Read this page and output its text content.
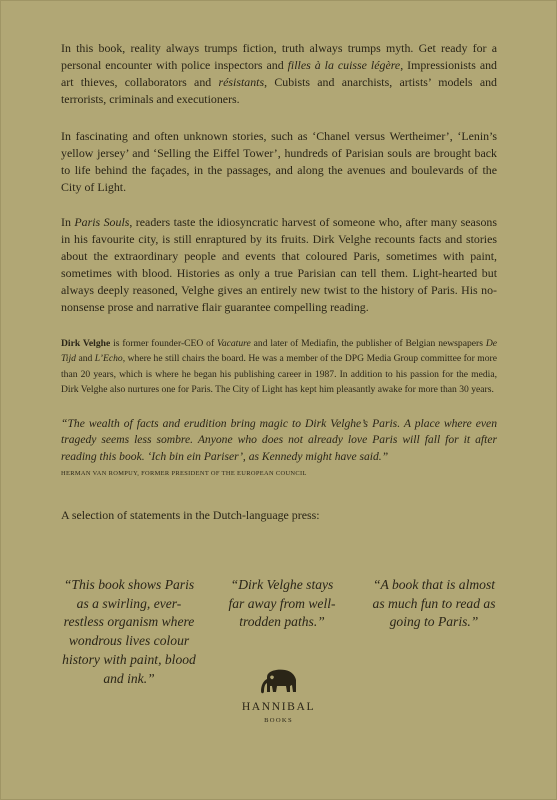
In this book, reality always trumps fiction, truth always trumps myth. Get ready for a personal encounter with police inspectors and filles à la cuisse légère, Impressionists and art thieves, collaborators and résistants, Cubists and anarchists, artists’ models and terrorists, criminals and executioners.

In fascinating and often unknown stories, such as ‘Chanel versus Wertheimer’, ‘Lenin’s yellow jersey’ and ‘Selling the Eiffel Tower’, hundreds of Parisian souls are brought back to life behind the façades, in the passages, and along the avenues and boulevards of the City of Light.

In Paris Souls, readers taste the idiosyncratic harvest of someone who, after many seasons in his favourite city, is still enraptured by its fruits. Dirk Velghe recounts facts and stories about the extraordinary people and events that coloured Paris, sometimes with paint, sometimes with blood. Histories as only a true Parisian can tell them. Light-hearted but always deeply reasoned, Velghe gives an entirely new twist to the history of Paris. His no-nonsense prose and narrative flair guarantee compelling reading.

Dirk Velghe is former founder-CEO of Vacature and later of Mediafin, the publisher of Belgian newspapers De Tijd and L’Echo, where he still chairs the board. He was a member of the DPG Media Group committee for more than 20 years, which is where he began his publishing career in 1987. In addition to his passion for the media, Dirk Velghe also nurtures one for Paris. The City of Light has kept him pleasantly awake for more than 30 years.

“The wealth of facts and erudition bring magic to Dirk Velghe’s Paris. A place where even tragedy seems less sombre. Anyone who does not already love Paris will fall for it after reading this book. ‘Ich bin ein Pariser’, as Kennedy might have said.”

HERMAN VAN ROMPUY, FORMER PRESIDENT OF THE EUROPEAN COUNCIL

A selection of statements in the Dutch-language press:

“This book shows Paris as a swirling, ever-restless organism where wondrous lives colour history with paint, blood and ink.”

“Dirk Velghe stays far away from well-trodden paths.”

“A book that is almost as much fun to read as going to Paris.”

HANNIBAL
BOOKS
